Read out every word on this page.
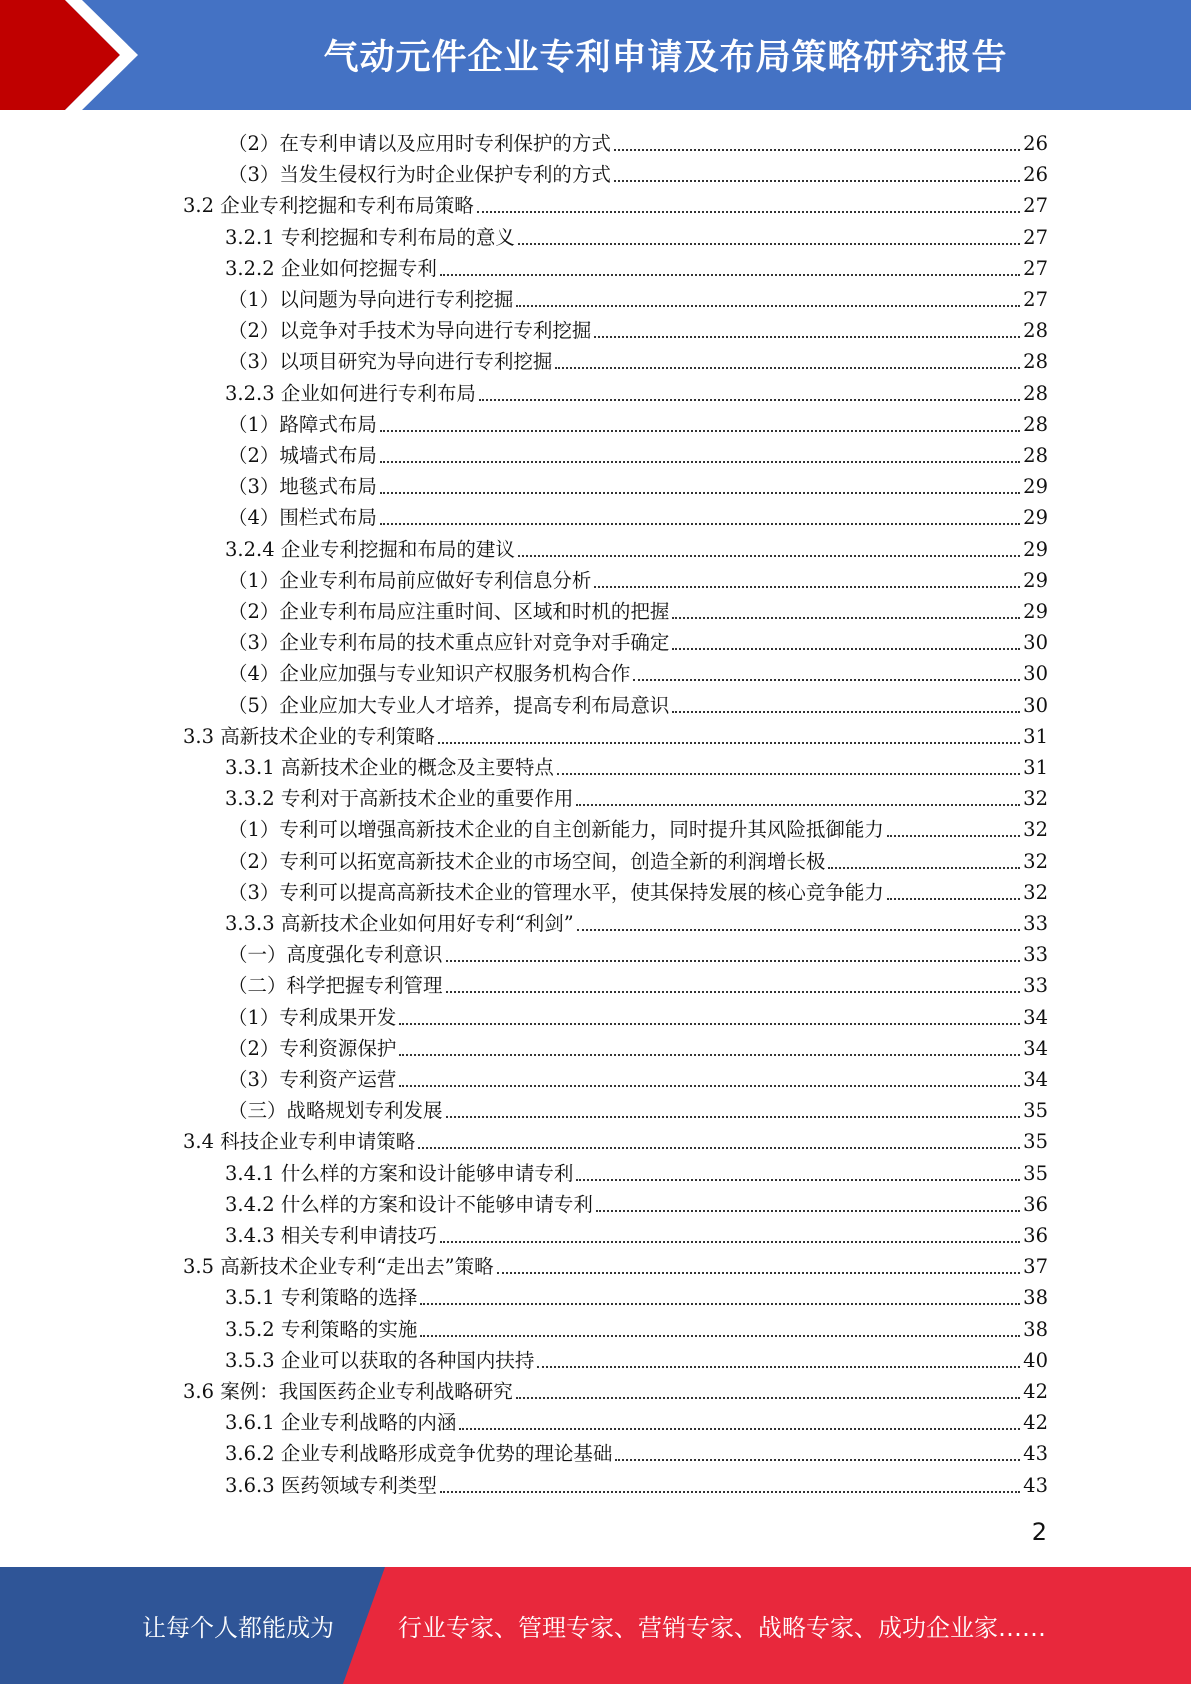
气动元件企业专利申请及布局策略研究报告
（2）在专利申请以及应用时专利保护的方式	26
（3）当发生侵权行为时企业保护专利的方式	26
3.2 企业专利挖掘和专利布局策略	27
3.2.1 专利挖掘和专利布局的意义	27
3.2.2 企业如何挖掘专利	27
（1）以问题为导向进行专利挖掘	27
（2）以竞争对手技术为导向进行专利挖掘	28
（3）以项目研究为导向进行专利挖掘	28
3.2.3 企业如何进行专利布局	28
（1）路障式布局	28
（2）城墙式布局	28
（3）地毯式布局	29
（4）围栏式布局	29
3.2.4 企业专利挖掘和布局的建议	29
（1）企业专利布局前应做好专利信息分析	29
（2）企业专利布局应注重时间、区域和时机的把握	29
（3）企业专利布局的技术重点应针对竞争对手确定	30
（4）企业应加强与专业知识产权服务机构合作	30
（5）企业应加大专业人才培养，提高专利布局意识	30
3.3 高新技术企业的专利策略	31
3.3.1 高新技术企业的概念及主要特点	31
3.3.2 专利对于高新技术企业的重要作用	32
（1）专利可以增强高新技术企业的自主创新能力，同时提升其风险抵御能力	32
（2）专利可以拓宽高新技术企业的市场空间，创造全新的利润增长极	32
（3）专利可以提高高新技术企业的管理水平，使其保持发展的核心竞争能力	32
3.3.3 高新技术企业如何用好专利“利剑”	33
（一）高度强化专利意识	33
（二）科学把握专利管理	33
（1）专利成果开发	34
（2）专利资源保护	34
（3）专利资产运营	34
（三）战略规划专利发展	35
3.4 科技企业专利申请策略	35
3.4.1 什么样的方案和设计能够申请专利	35
3.4.2 什么样的方案和设计不能够申请专利	36
3.4.3 相关专利申请技巧	36
3.5 高新技术企业专利“走出去”策略	37
3.5.1 专利策略的选择	38
3.5.2 专利策略的实施	38
3.5.3 企业可以获取的各种国内扶持	40
3.6 案例：我国医药企业专利战略研究	42
3.6.1 企业专利战略的内涵	42
3.6.2 企业专利战略形成竞争优势的理论基础	43
3.6.3 医药领域专利类型	43
2
让每个人都能成为	行业专家、管理专家、营销专家、战略专家、成功企业家……
